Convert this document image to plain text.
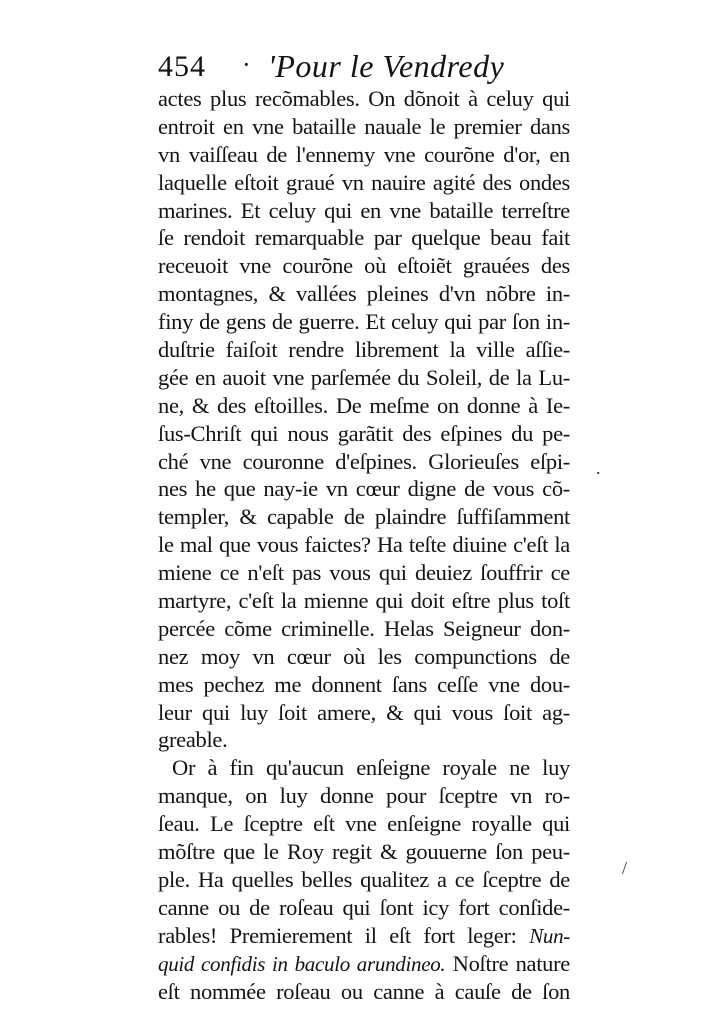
454 · 'Pour le Vendredy
actes plus recõmables. On dõnoit à celuy qui
entroit en vne bataille nauale le premier dans
vn vaiſſeau de l'ennemy vne courõne d'or, en
laquelle eſtoit graué vn nauire agité des ondes
marines. Et celuy qui en vne bataille terreſtre
ſe rendoit remarquable par quelque beau fait
receuoit vne courõne où eſtoiẽt grauées des
montagnes, & vallées pleines d'vn nõbre in-
finy de gens de guerre. Et celuy qui par ſon in-
duſtrie faiſoit rendre librement la ville aſſie-
gée en auoit vne parſemée du Soleil, de la Lu-
ne, & des eſtoilles. De meſme on donne à Ie-
ſus-Chriſt qui nous garãtit des eſpines du pe-
ché vne couronne d'eſpines. Glorieuſes eſpi-
nes he que nay-ie vn cœur digne de vous cõ-
templer, & capable de plaindre ſuffiſamment
le mal que vous faictes? Ha teſte diuine c'eſt la
miene ce n'eſt pas vous qui deuiez ſouffrir ce
martyre, c'eſt la mienne qui doit eſtre plus toſt
percée cõme criminelle. Helas Seigneur don-
nez moy vn cœur où les compunctions de
mes pechez me donnent ſans ceſſe vne dou-
leur qui luy ſoit amere, & qui vous ſoit ag-
greable.
Or à fin qu'aucun enſeigne royale ne luy
manque, on luy donne pour ſceptre vn ro-
ſeau. Le ſceptre eſt vne enſeigne royalle qui
mõſtre que le Roy regit & gouuerne ſon peu-
ple. Ha quelles belles qualitez a ce ſceptre de
canne ou de roſeau qui ſont icy fort conſide-
rables! Premierement il eſt fort leger: Nun-
quid confidis in baculo arundineo. Noſtre nature
eſt nommée roſeau ou canne à cauſe de ſon
.
/
